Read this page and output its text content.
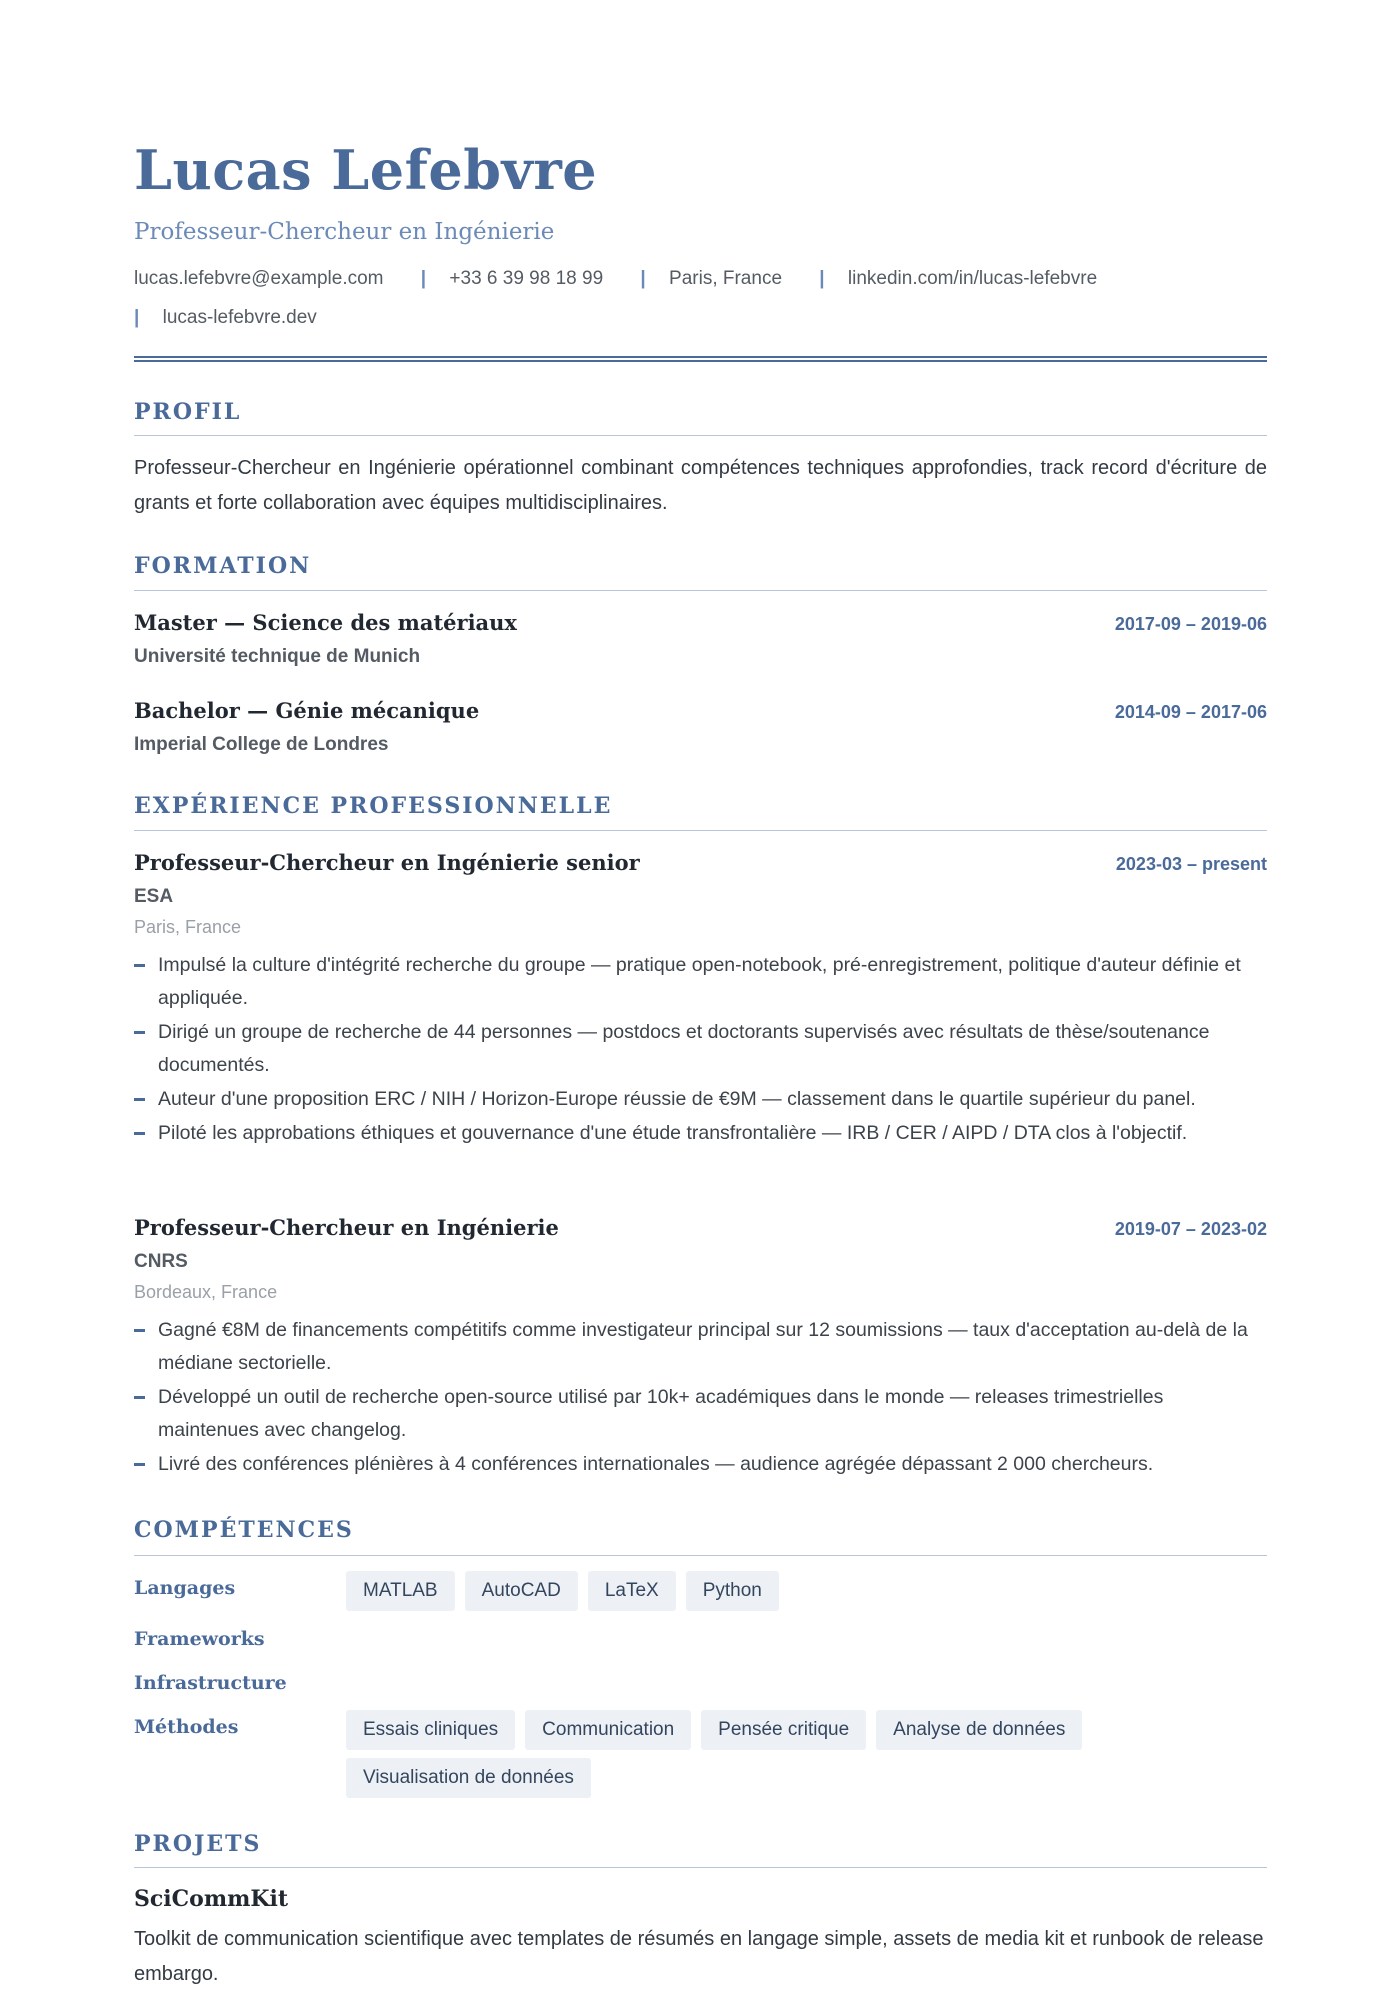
Lucas Lefebvre
Professeur-Chercheur en Ingénierie
lucas.lefebvre@example.com | +33 6 39 98 18 99 | Paris, France | linkedin.com/in/lucas-lefebvre
| lucas-lefebvre.dev
PROFIL
Professeur-Chercheur en Ingénierie opérationnel combinant compétences techniques approfondies, track record d'écriture de grants et forte collaboration avec équipes multidisciplinaires.
FORMATION
Master — Science des matériaux	2017-09 – 2019-06
Université technique de Munich
Bachelor — Génie mécanique	2014-09 – 2017-06
Imperial College de Londres
EXPÉRIENCE PROFESSIONNELLE
Professeur-Chercheur en Ingénierie senior	2023-03 – present
ESA
Paris, France
Impulsé la culture d'intégrité recherche du groupe — pratique open-notebook, pré-enregistrement, politique d'auteur définie et appliquée.
Dirigé un groupe de recherche de 44 personnes — postdocs et doctorants supervisés avec résultats de thèse/soutenance documentés.
Auteur d'une proposition ERC / NIH / Horizon-Europe réussie de €9M — classement dans le quartile supérieur du panel.
Piloté les approbations éthiques et gouvernance d'une étude transfrontalière — IRB / CER / AIPD / DTA clos à l'objectif.
Professeur-Chercheur en Ingénierie	2019-07 – 2023-02
CNRS
Bordeaux, France
Gagné €8M de financements compétitifs comme investigateur principal sur 12 soumissions — taux d'acceptation au-delà de la médiane sectorielle.
Développé un outil de recherche open-source utilisé par 10k+ académiques dans le monde — releases trimestrielles maintenues avec changelog.
Livré des conférences plénières à 4 conférences internationales — audience agrégée dépassant 2 000 chercheurs.
COMPÉTENCES
Langages	MATLAB	AutoCAD	LaTeX	Python
Frameworks
Infrastructure
Méthodes	Essais cliniques	Communication	Pensée critique	Analyse de données
Visualisation de données
PROJETS
SciCommKit
Toolkit de communication scientifique avec templates de résumés en langage simple, assets de media kit et runbook de release embargo.
